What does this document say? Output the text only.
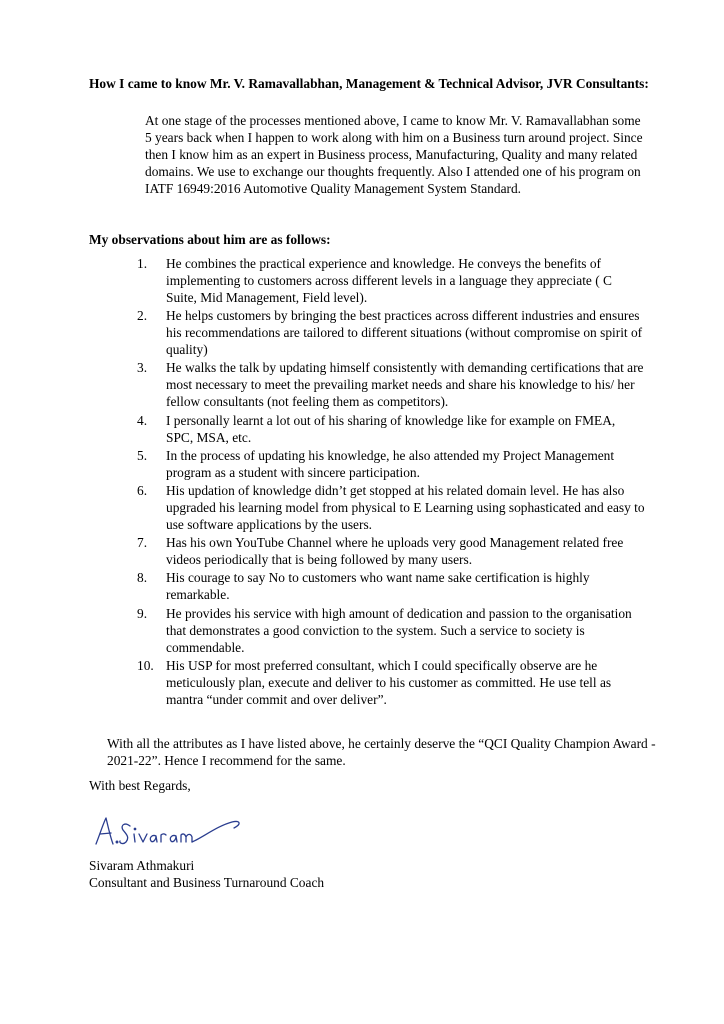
How I came to know Mr. V. Ramavallabhan, Management & Technical Advisor, JVR Consultants:
At one stage of the processes mentioned above, I came to know Mr. V. Ramavallabhan some 5 years back when I happen to work along with him on a Business turn around project. Since then I know him as an expert in Business process, Manufacturing, Quality and many related domains. We use to exchange our thoughts frequently. Also I attended one of his program on IATF 16949:2016 Automotive Quality Management System Standard.
My observations about him are as follows:
1.	He combines the practical experience and knowledge. He conveys the benefits of implementing to customers across different levels in a language they appreciate ( C Suite, Mid Management, Field level).
2.	He helps customers by bringing the best practices across different industries and ensures his recommendations are tailored to different situations (without compromise on spirit of quality)
3.	He walks the talk by updating himself consistently with demanding certifications that are most necessary to meet the prevailing market needs and share his knowledge to his/ her fellow consultants (not feeling them as competitors).
4.	I personally learnt a lot out of his sharing of knowledge like for example on FMEA, SPC, MSA, etc.
5.	In the process of updating his knowledge, he also attended my Project Management program as a student with sincere participation.
6.	His updation of knowledge didn’t get stopped at his related domain level. He has also upgraded his learning model from physical to E Learning using sophasticated and easy to use software applications by the users.
7.	Has his own YouTube Channel where he uploads very good Management related free videos periodically that is being followed by many users.
8.	His courage to say No to customers who want name sake certification is highly remarkable.
9.	He provides his service with high amount of dedication and passion to the organisation that demonstrates a good conviction to the system. Such a service to society is commendable.
10. His USP for most preferred consultant, which I could specifically observe are he meticulously plan, execute and deliver to his customer as committed. He use tell as mantra “under commit and over deliver”.
With all the attributes as I have listed above, he certainly deserve the “QCI Quality Champion Award - 2021-22”. Hence I recommend for the same.
With best Regards,
Sivaram Athmakuri
Consultant and Business Turnaround Coach
